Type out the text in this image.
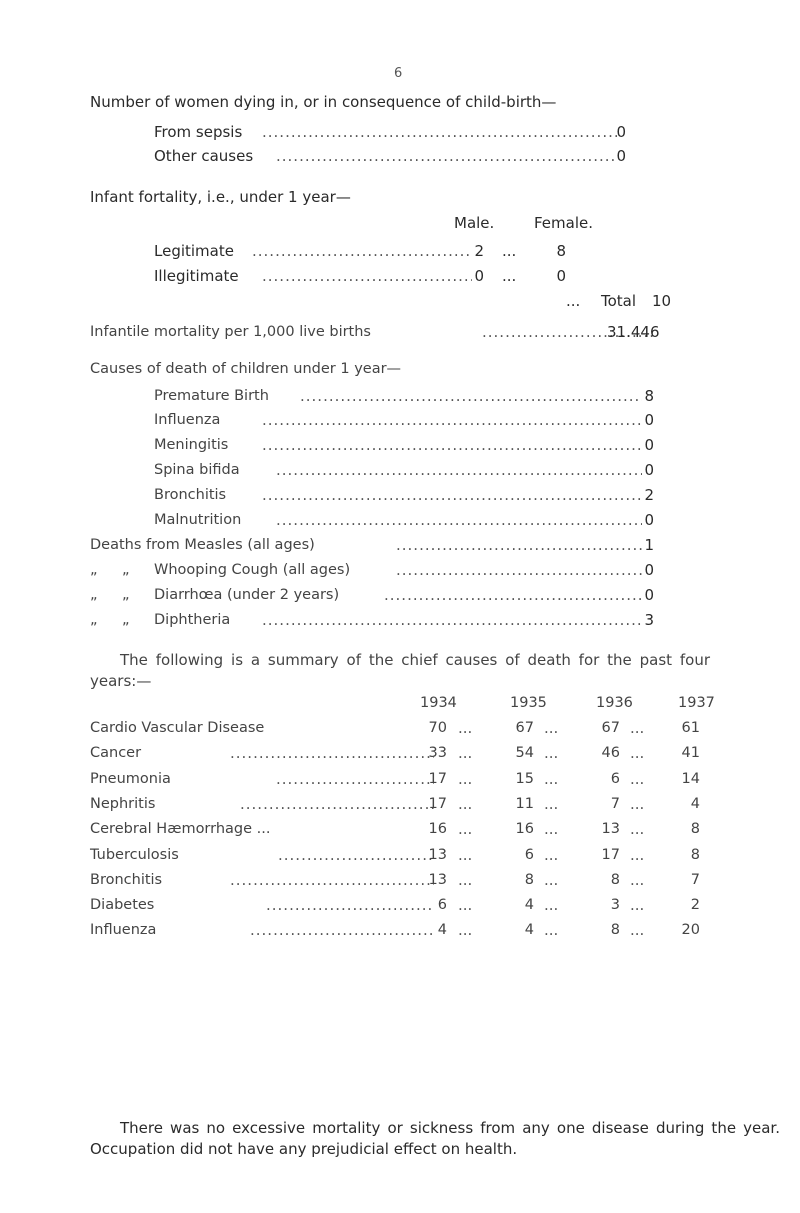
6
Number of women dying in, or in consequence of child-birth—
From sepsis .....	0
Other causes .....	0
Infant fortality, i.e., under 1 year—
Male.	Female.
Legitimate .....	2 ...	8
Illegitimate .....	0 ...	0
... Total 10
Infantile mortality per 1,000 live births .....	31.446
Causes of death of children under 1 year—
Premature Birth .....	8
Influenza .....	0
Meningitis .....	0
Spina bifida .....	0
Bronchitis .....	2
Malnutrition .....	0
Deaths from Measles (all ages) .....	1
„ „ Whooping Cough (all ages) .....	0
„ „ Diarrhœa (under 2 years) .....	0
„ „ Diphtheria .....	3
The following is a summary of the chief causes of death for the past four years:—
1934	1935	1936	1937
Cardio Vascular Disease	70	67	67	61
...	...	...
Cancer .....	33	54	46	41
...	...	...
Pneumonia .....	17	15	6	14
...	...	...
Nephritis .....	17	11	7	4
...	...	...
Cerebral Hæmorrhage ...	16	16	13	8
...	...	...
Tuberculosis .....	13	6	17	8
...	...	...
Bronchitis .....	13	8	8	7
...	...	...
Diabetes .....	6	4	3	2
...	...	...
Influenza .....	4	4	8	20
...	...	...
There was no excessive mortality or sickness from any one disease during the year. Occupation did not have any prejudicial effect on health.
